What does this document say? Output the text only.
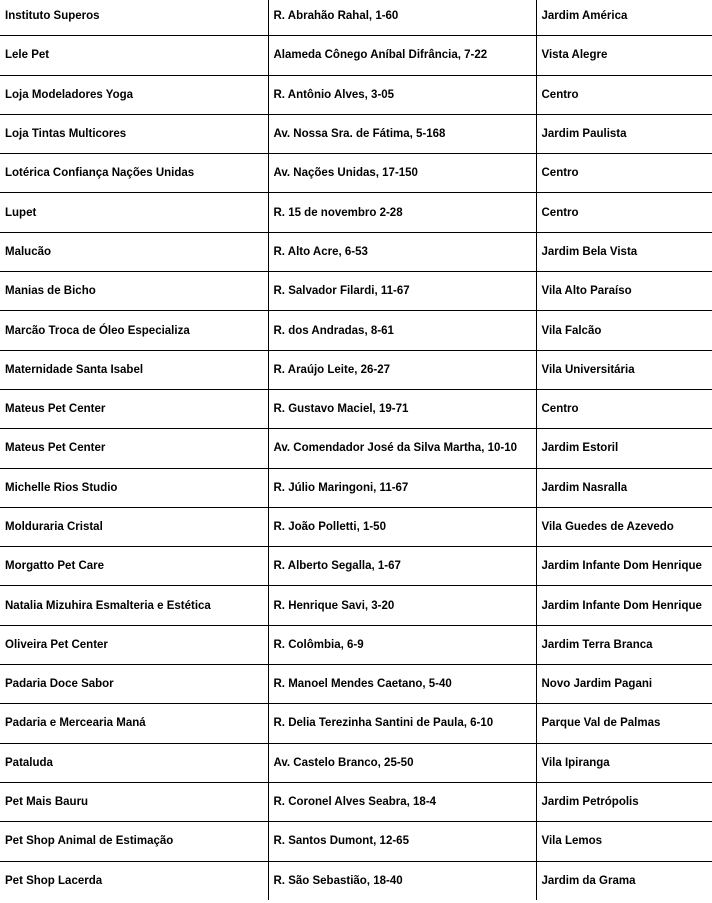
Instituto Superos	R. Abrahão Rahal, 1-60	Jardim América
Lele Pet	Alameda Cônego Aníbal Difrância, 7-22	Vista Alegre
Loja Modeladores Yoga	R. Antônio Alves, 3-05	Centro
Loja Tintas Multicores	Av. Nossa Sra. de Fátima, 5-168	Jardim Paulista
Lotérica Confiança Nações Unidas	Av. Nações Unidas, 17-150	Centro
Lupet	R. 15 de novembro 2-28	Centro
Malucão	R. Alto Acre, 6-53	Jardim Bela Vista
Manias de Bicho	R. Salvador Filardi, 11-67	Vila Alto Paraíso
Marcão Troca de Óleo Especializa	R. dos Andradas, 8-61	Vila Falcão
Maternidade Santa Isabel	R. Araújo Leite, 26-27	Vila Universitária
Mateus Pet Center	R. Gustavo Maciel, 19-71	Centro
Mateus Pet Center	Av. Comendador José da Silva Martha, 10-10	Jardim Estoril
Michelle Rios Studio	R. Júlio Maringoni, 11-67	Jardim Nasralla
Molduraria Cristal	R. João Polletti, 1-50	Vila Guedes de Azevedo
Morgatto Pet Care	R. Alberto Segalla, 1-67	Jardim Infante Dom Henrique
Natalia Mizuhira Esmalteria e Estética	R. Henrique Savi, 3-20	Jardim Infante Dom Henrique
Oliveira Pet Center	R. Colômbia, 6-9	Jardim Terra Branca
Padaria Doce Sabor	R. Manoel Mendes Caetano, 5-40	Novo Jardim Pagani
Padaria e Mercearia Maná	R. Delia Terezinha Santini de Paula, 6-10	Parque Val de Palmas
Pataluda	Av. Castelo Branco, 25-50	Vila Ipiranga
Pet Mais Bauru	R. Coronel Alves Seabra, 18-4	Jardim Petrópolis
Pet Shop Animal de Estimação	R. Santos Dumont, 12-65	Vila Lemos
Pet Shop Lacerda	R. São Sebastião, 18-40	Jardim da Grama
